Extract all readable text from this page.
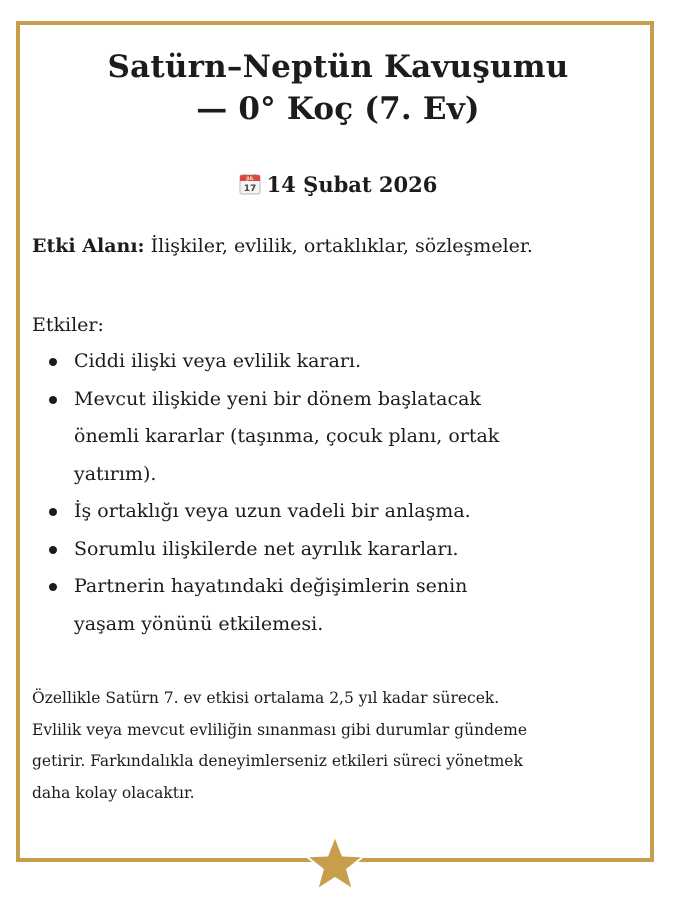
Satürn–Neptün Kavuşumu
— 0° Koç (7. Ev)
JUL
17 14 Şubat 2026
Etki Alanı: İlişkiler, evlilik, ortaklıklar, sözleşmeler.
Etkiler:
Ciddi ilişki veya evlilik kararı.
Mevcut ilişkide yeni bir dönem başlatacak
önemli kararlar (taşınma, çocuk planı, ortak
yatırım).
İş ortaklığı veya uzun vadeli bir anlaşma.
Sorumlu ilişkilerde net ayrılık kararları.
Partnerin hayatındaki değişimlerin senin
yaşam yönünü etkilemesi.
Özellikle Satürn 7. ev etkisi ortalama 2,5 yıl kadar sürecek.
Evlilik veya mevcut evliliğin sınanması gibi durumlar gündeme
getirir. Farkındalıkla deneyimlerseniz etkileri süreci yönetmek
daha kolay olacaktır.
